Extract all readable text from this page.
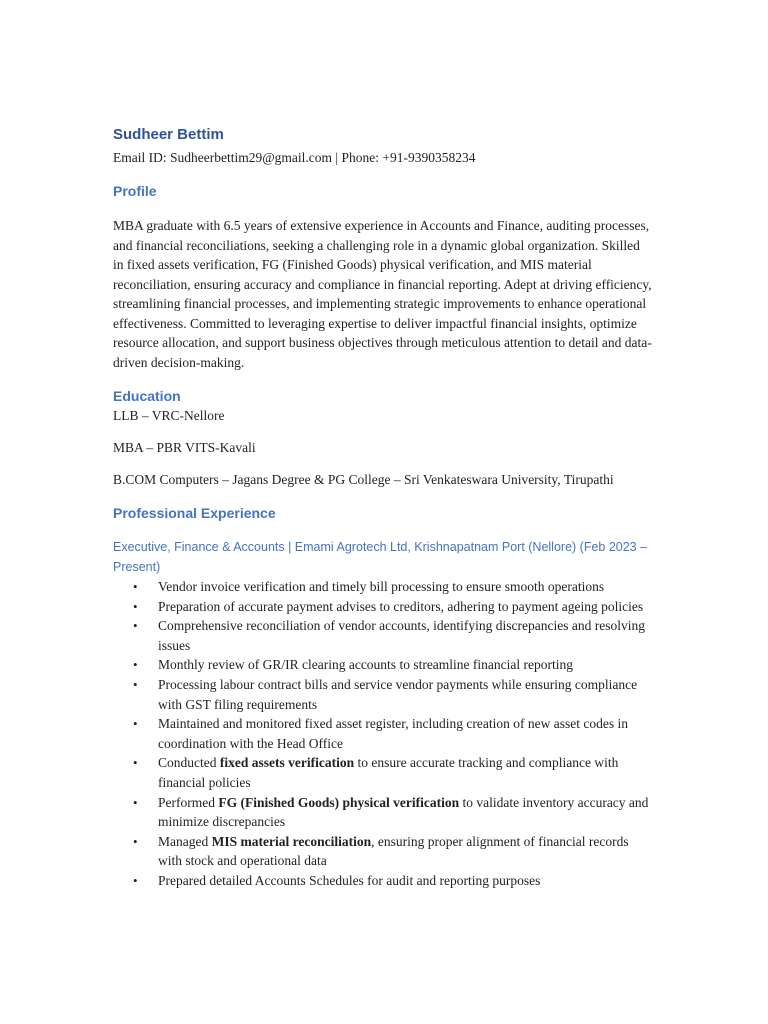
Sudheer Bettim

Email ID: Sudheerbettim29@gmail.com | Phone: +91-9390358234

Profile

MBA graduate with 6.5 years of extensive experience in Accounts and Finance, auditing processes, and financial reconciliations, seeking a challenging role in a dynamic global organization. Skilled in fixed assets verification, FG (Finished Goods) physical verification, and MIS material reconciliation, ensuring accuracy and compliance in financial reporting. Adept at driving efficiency, streamlining financial processes, and implementing strategic improvements to enhance operational effectiveness. Committed to leveraging expertise to deliver impactful financial insights, optimize resource allocation, and support business objectives through meticulous attention to detail and data-driven decision-making.

Education

LLB – VRC-Nellore

MBA – PBR VITS-Kavali

B.COM Computers – Jagans Degree & PG College – Sri Venkateswara University, Tirupathi

Professional Experience

Executive, Finance & Accounts | Emami Agrotech Ltd, Krishnapatnam Port (Nellore) (Feb 2023 – Present)

• Vendor invoice verification and timely bill processing to ensure smooth operations
• Preparation of accurate payment advises to creditors, adhering to payment ageing policies
• Comprehensive reconciliation of vendor accounts, identifying discrepancies and resolving issues
• Monthly review of GR/IR clearing accounts to streamline financial reporting
• Processing labour contract bills and service vendor payments while ensuring compliance with GST filing requirements
• Maintained and monitored fixed asset register, including creation of new asset codes in coordination with the Head Office
• Conducted fixed assets verification to ensure accurate tracking and compliance with financial policies
• Performed FG (Finished Goods) physical verification to validate inventory accuracy and minimize discrepancies
• Managed MIS material reconciliation, ensuring proper alignment of financial records with stock and operational data
• Prepared detailed Accounts Schedules for audit and reporting purposes
